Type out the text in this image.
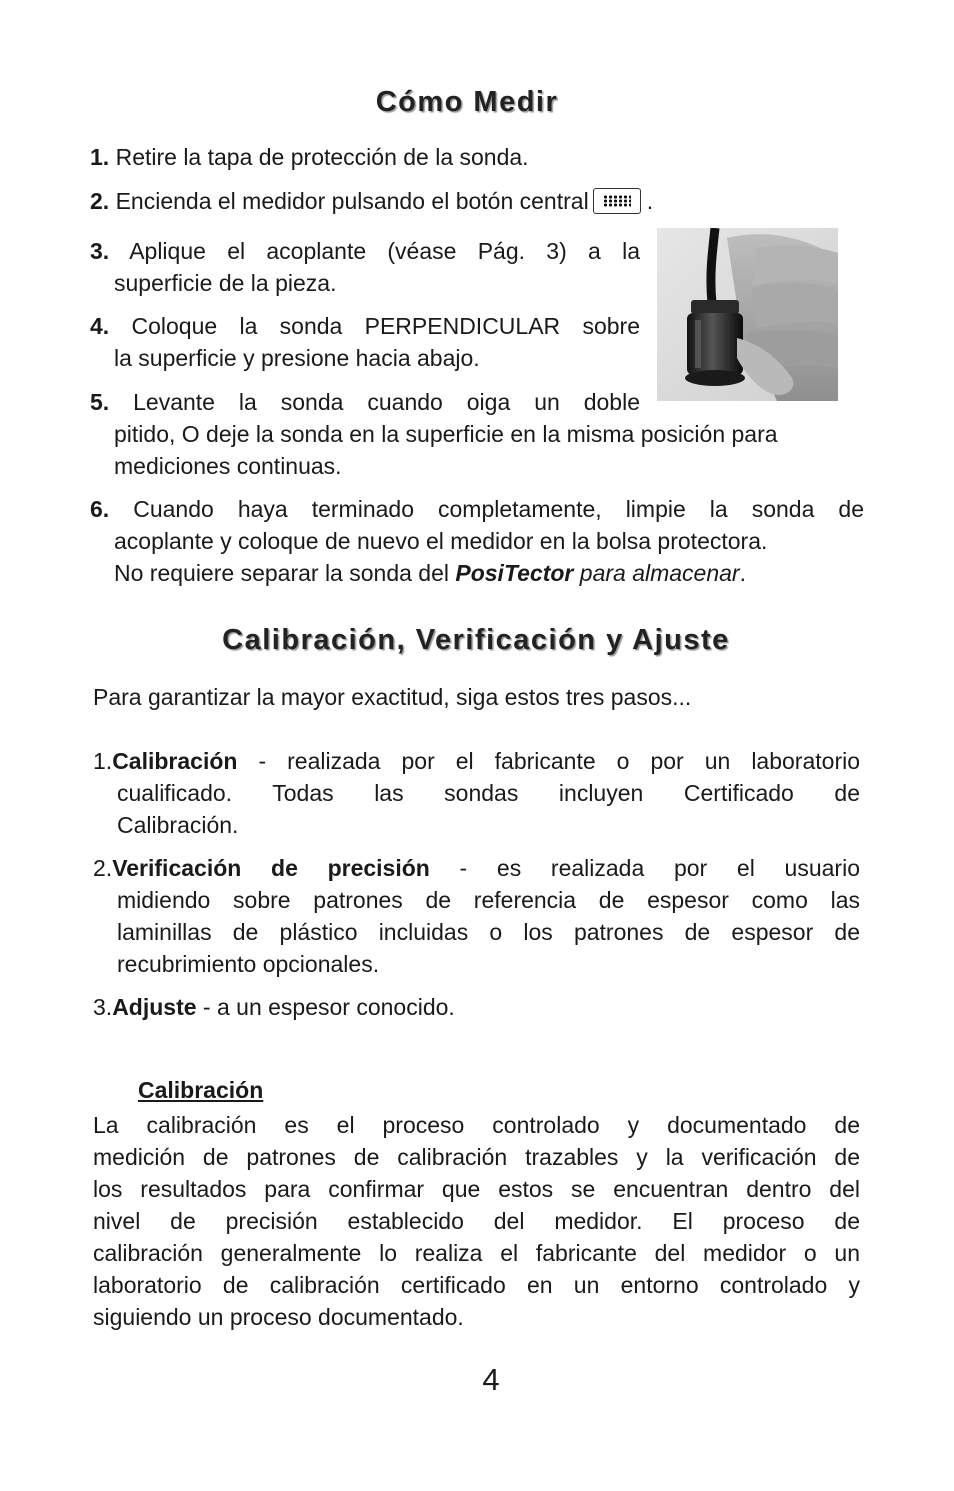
Cómo Medir
1. Retire la tapa de protección de la sonda.
2. Encienda el medidor pulsando el botón central	.
3. Aplique el acoplante (véase Pág. 3) a la
superficie de la pieza.
4. Coloque la sonda PERPENDICULAR sobre
la superficie y presione hacia abajo.
5. Levante la sonda cuando oiga un doble
pitido, O deje la sonda en la superficie en la misma posición para
mediciones continuas.
6. Cuando haya terminado completamente, limpie la sonda de
acoplante y coloque de nuevo el medidor en la bolsa protectora.
No requiere separar la sonda del PosiTector para almacenar.
Calibración, Verificación y Ajuste
Para garantizar la mayor exactitud, siga estos tres pasos...
1.Calibración - realizada por el fabricante o por un laboratorio
cualificado. Todas las sondas incluyen Certificado de
Calibración.
2.Verificación de precisión - es realizada por el usuario
midiendo sobre patrones de referencia de espesor como las
laminillas de plástico incluidas o los patrones de espesor de
recubrimiento opcionales.
3.Adjuste - a un espesor conocido.
Calibración
La calibración es el proceso controlado y documentado de
medición de patrones de calibración trazables y la verificación de
los resultados para confirmar que estos se encuentran dentro del
nivel de precisión establecido del medidor. El proceso de
calibración generalmente lo realiza el fabricante del medidor o un
laboratorio de calibración certificado en un entorno controlado y
siguiendo un proceso documentado.
4
